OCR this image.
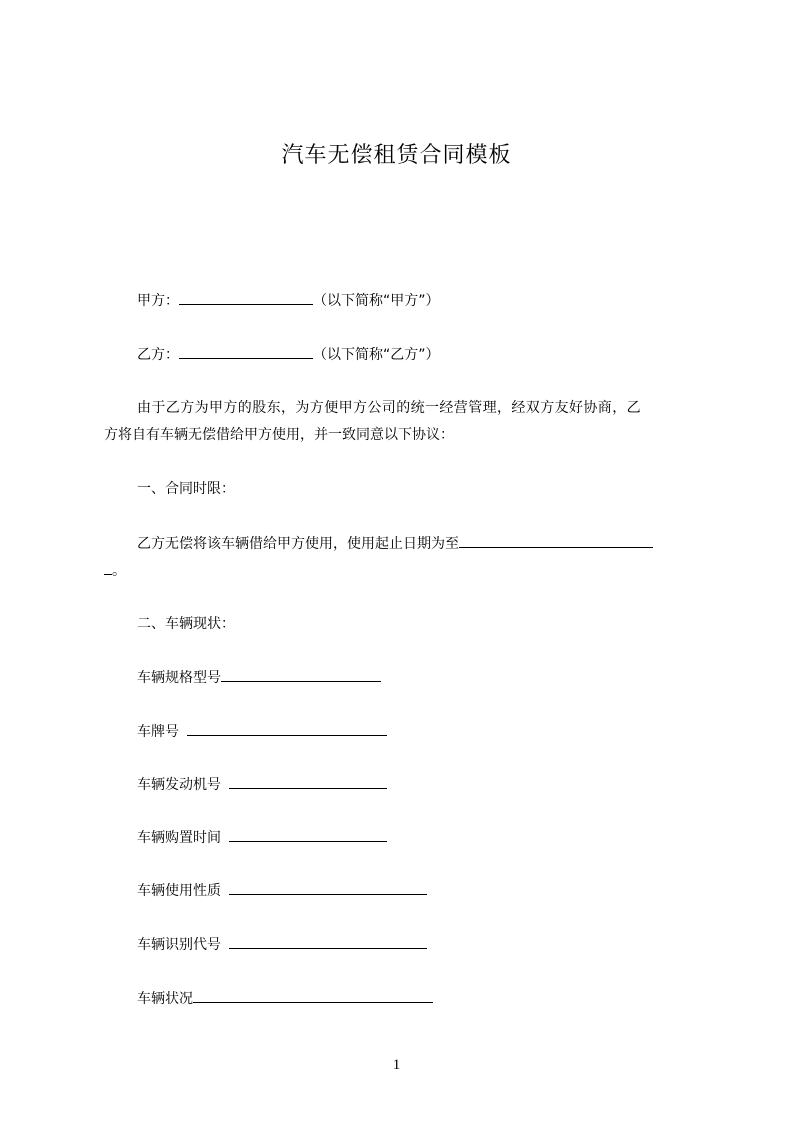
汽车无偿租赁合同模板
甲方：	（以下简称“甲方”）
乙方：	（以下简称“乙方”）
由于乙方为甲方的股东，为方便甲方公司的统一经营管理，经双方友好协商，乙
方将自有车辆无偿借给甲方使用，并一致同意以下协议：
一、合同时限：
乙方无偿将该车辆借给甲方使用，使用起止日期为至
。
二、车辆现状：
车辆规格型号
车牌号
车辆发动机号
车辆购置时间
车辆使用性质
车辆识别代号
车辆状况
1
